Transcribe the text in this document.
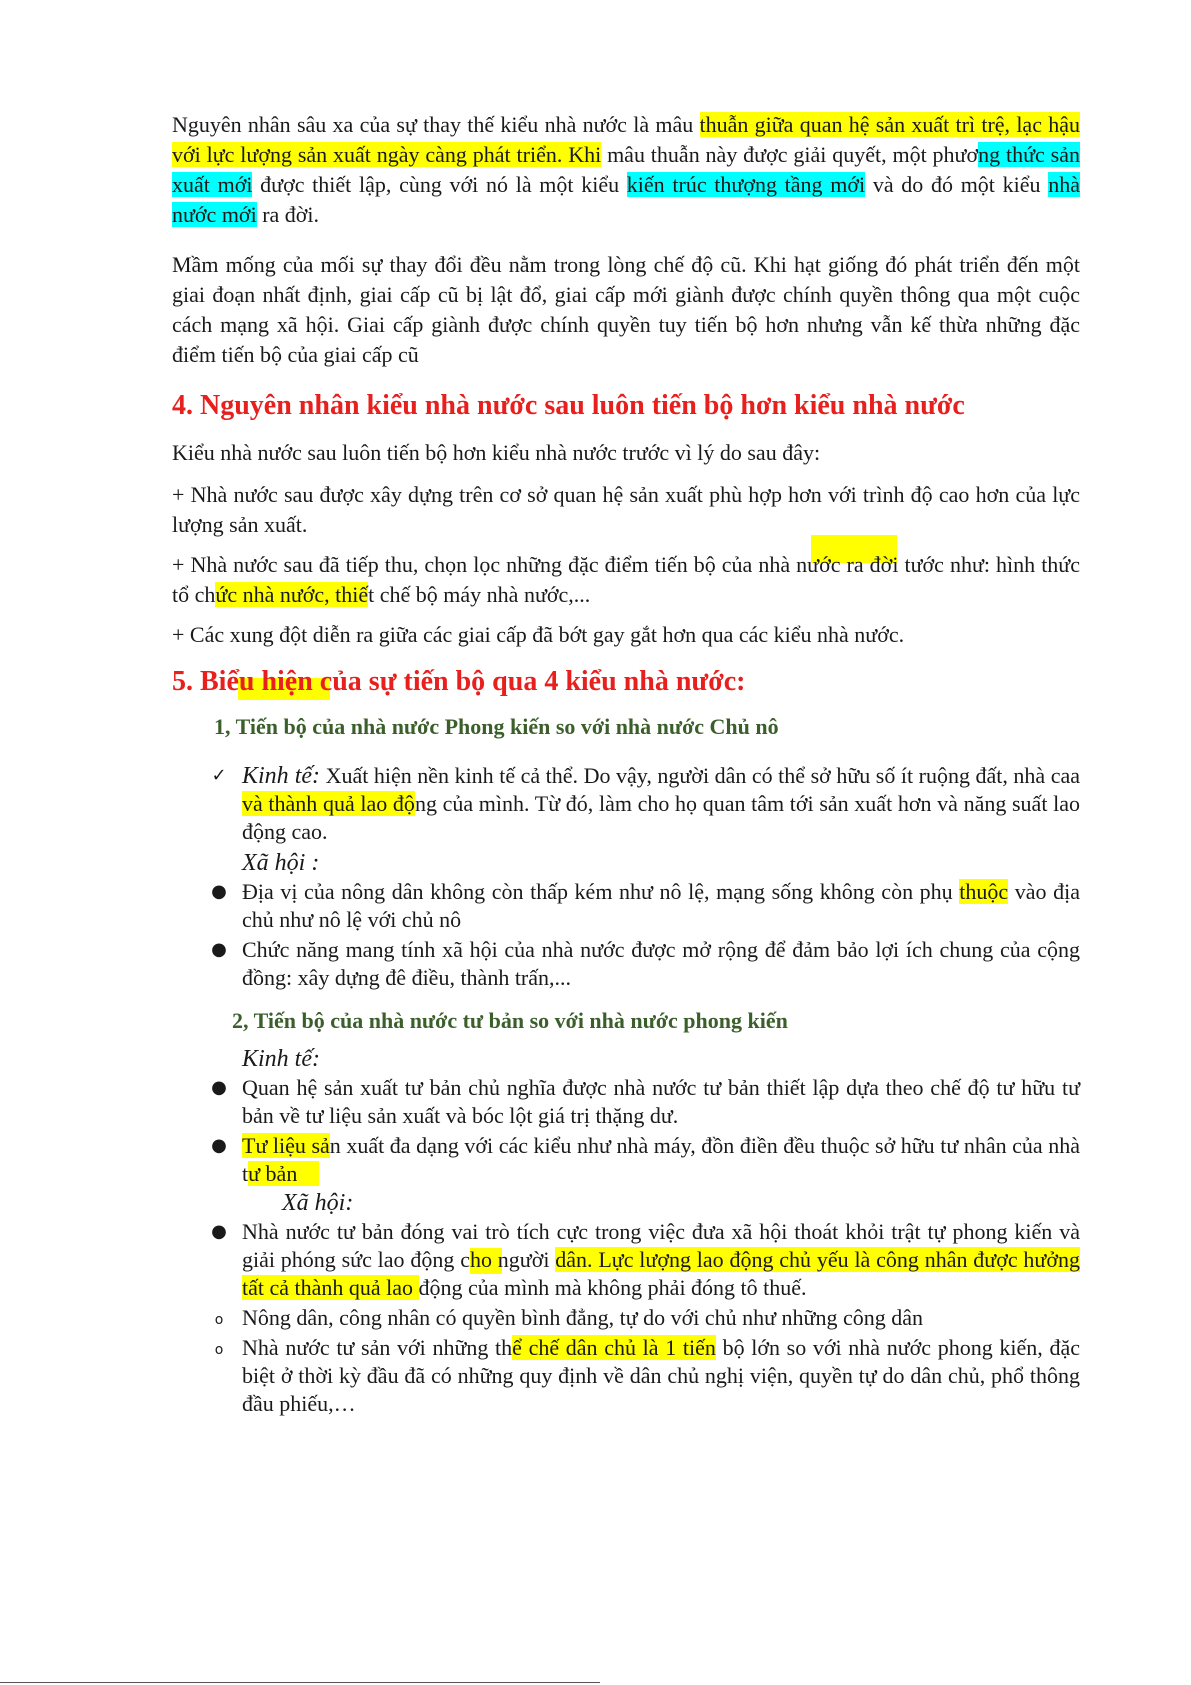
Nguyên nhân sâu xa của sự thay thế kiểu nhà nước là mâu thuẫn giữa quan hệ sản xuất trì trệ, lạc hậu với lực lượng sản xuất ngày càng phát triển. Khi mâu thuẫn này được giải quyết, một phương thức sản xuất mới được thiết lập, cùng với nó là một kiểu kiến trúc thượng tầng mới và do đó một kiểu nhà nước mới ra đời.

Mầm mống của mối sự thay đổi đều nằm trong lòng chế độ cũ. Khi hạt giống đó phát triển đến một giai đoạn nhất định, giai cấp cũ bị lật đổ, giai cấp mới giành được chính quyền thông qua một cuộc cách mạng xã hội. Giai cấp giành được chính quyền tuy tiến bộ hơn nhưng vẫn kế thừa những đặc điểm tiến bộ của giai cấp cũ

4. Nguyên nhân kiểu nhà nước sau luôn tiến bộ hơn kiểu nhà nước

Kiểu nhà nước sau luôn tiến bộ hơn kiểu nhà nước trước vì lý do sau đây:

+ Nhà nước sau được xây dựng trên cơ sở quan hệ sản xuất phù hợp hơn với trình độ cao hơn của lực lượng sản xuất.

+ Nhà nước sau đã tiếp thu, chọn lọc những đặc điểm tiến bộ của nhà nước ra đời tước như: hình thức tổ chức nhà nước, thiết chế bộ máy nhà nước,...

+ Các xung đột diễn ra giữa các giai cấp đã bớt gay gắt hơn qua các kiểu nhà nước.

5. Biểu hiện của sự tiến bộ qua 4 kiểu nhà nước:
1, Tiến bộ của nhà nước Phong kiến so với nhà nước Chủ nô
✓ Kinh tế: Xuất hiện nền kinh tế cả thể. Do vậy, người dân có thể sở hữu số ít ruộng đất, nhà caa và thành quả lao động của mình. Từ đó, làm cho họ quan tâm tới sản xuất hơn và năng suất lao động cao.
Xã hội :
● Địa vị của nông dân không còn thấp kém như nô lệ, mạng sống không còn phụ thuộc vào địa chủ như nô lệ với chủ nô
● Chức năng mang tính xã hội của nhà nước được mở rộng để đảm bảo lợi ích chung của cộng đồng: xây dựng đê điều, thành trấn,...
2, Tiến bộ của nhà nước tư bản so với nhà nước phong kiến
Kinh tế:
● Quan hệ sản xuất tư bản chủ nghĩa được nhà nước tư bản thiết lập dựa theo chế độ tư hữu tư bản về tư liệu sản xuất và bóc lột giá trị thặng dư.
● Tư liệu sản xuất đa dạng với các kiểu như nhà máy, đồn điền đều thuộc sở hữu tư nhân của nhà tư bản
Xã hội:
● Nhà nước tư bản đóng vai trò tích cực trong việc đưa xã hội thoát khỏi trật tự phong kiến và giải phóng sức lao động cho người dân. Lực lượng lao động chủ yếu là công nhân được hưởng tất cả thành quả lao động của mình mà không phải đóng tô thuế.
o Nông dân, công nhân có quyền bình đẳng, tự do với chủ như những công dân
o Nhà nước tư sản với những thể chế dân chủ là 1 tiến bộ lớn so với nhà nước phong kiến, đặc biệt ở thời kỳ đầu đã có những quy định về dân chủ nghị viện, quyền tự do dân chủ, phổ thông đầu phiếu,…
